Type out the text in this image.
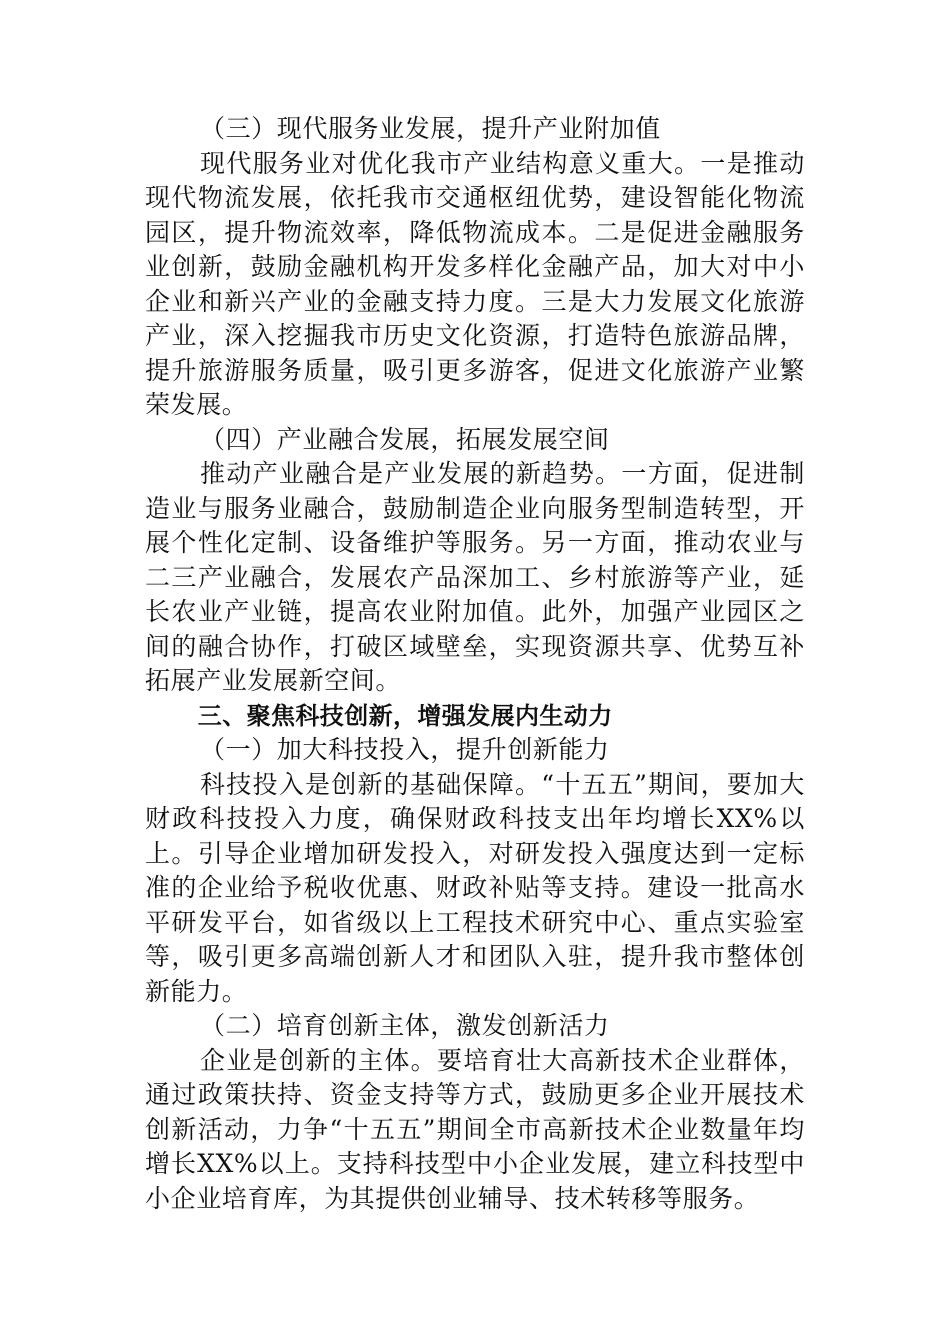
（三）现代服务业发展，提升产业附加值

现代服务业对优化我市产业结构意义重大。一是推动现代物流发展，依托我市交通枢纽优势，建设智能化物流园区，提升物流效率，降低物流成本。二是促进金融服务业创新，鼓励金融机构开发多样化金融产品，加大对中小企业和新兴产业的金融支持力度。三是大力发展文化旅游产业，深入挖掘我市历史文化资源，打造特色旅游品牌，提升旅游服务质量，吸引更多游客，促进文化旅游产业繁荣发展。

（四）产业融合发展，拓展发展空间

推动产业融合是产业发展的新趋势。一方面，促进制造业与服务业融合，鼓励制造企业向服务型制造转型，开展个性化定制、设备维护等服务。另一方面，推动农业与二三产业融合，发展农产品深加工、乡村旅游等产业，延长农业产业链，提高农业附加值。此外，加强产业园区之间的融合协作，打破区域壁垒，实现资源共享、优势互补拓展产业发展新空间。

三、聚焦科技创新，增强发展内生动力

（一）加大科技投入，提升创新能力

科技投入是创新的基础保障。“十五五”期间，要加大财政科技投入力度，确保财政科技支出年均增长XX%以上。引导企业增加研发投入，对研发投入强度达到一定标准的企业给予税收优惠、财政补贴等支持。建设一批高水平研发平台，如省级以上工程技术研究中心、重点实验室等，吸引更多高端创新人才和团队入驻，提升我市整体创新能力。

（二）培育创新主体，激发创新活力

企业是创新的主体。要培育壮大高新技术企业群体，通过政策扶持、资金支持等方式，鼓励更多企业开展技术创新活动，力争“十五五”期间全市高新技术企业数量年均增长XX%以上。支持科技型中小企业发展，建立科技型中小企业培育库，为其提供创业辅导、技术转移等服务。
